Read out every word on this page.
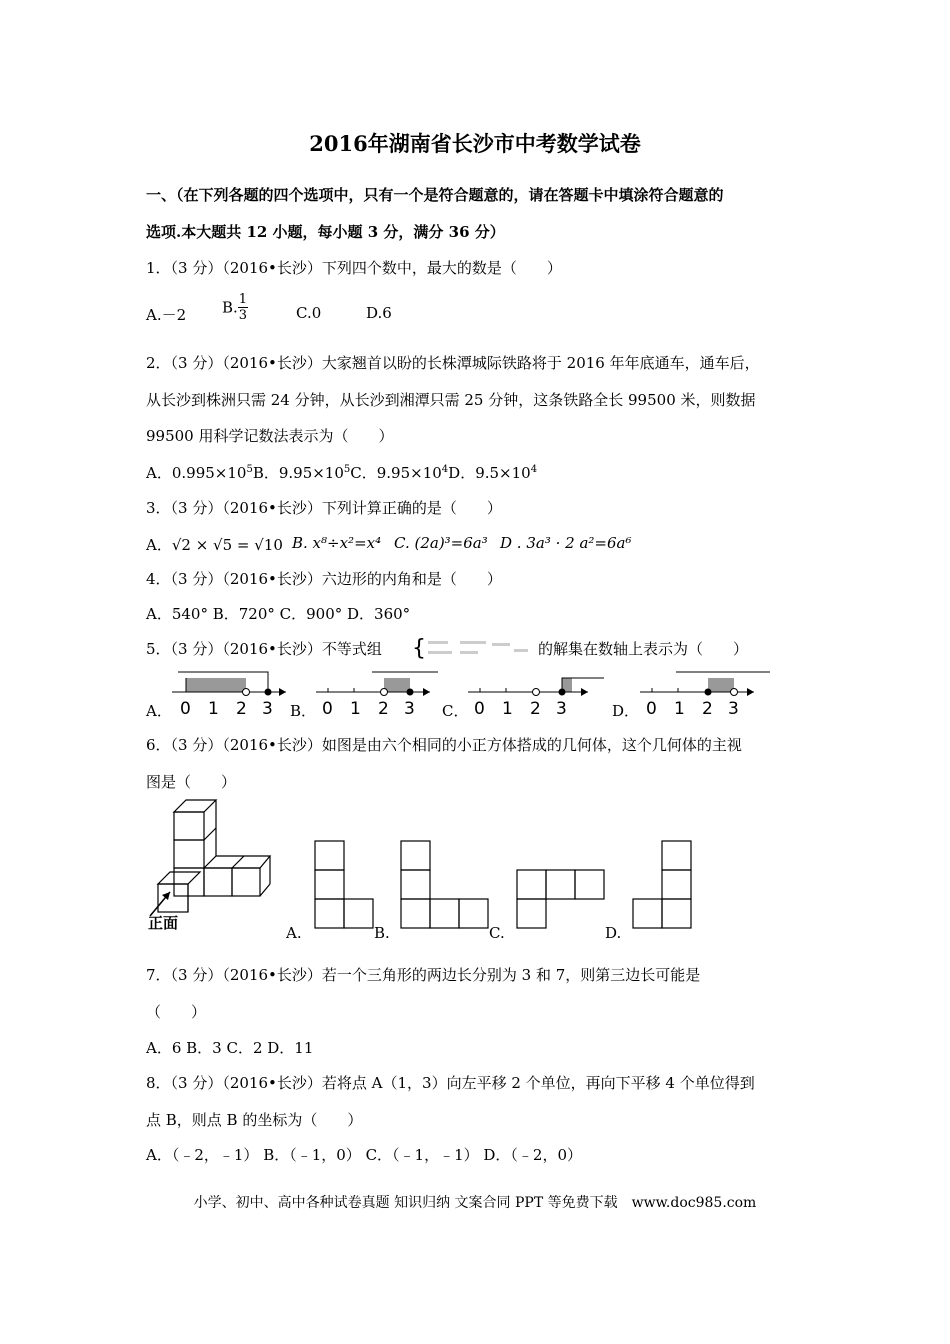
2016年湖南省长沙市中考数学试卷
一、（在下列各题的四个选项中，只有一个是符合题意的，请在答题卡中填涂符合题意的
选项.本大题共 12 小题，每小题 3 分，满分 36 分）
1．（3 分）（2016•长沙）下列四个数中，最大的数是（　　）
A.－2 B. $\frac{1}{3}$	C.0	D.6
2．（3 分）（2016•长沙）大家翘首以盼的长株潭城际铁路将于 2016 年年底通车，通车后，
从长沙到株洲只需 24 分钟，从长沙到湘潭只需 25 分钟，这条铁路全长 99500 米，则数据
99500 用科学记数法表示为（　　）
A．$0.995\times 10^5B$．$9.95\times 10^5C$．$9.95\times 10^4D$．$9.5\times 10^4$
3．（3 分）（2016•长沙）下列计算正确的是（　　）
A．√2 × √5 = √10 B. x⁸÷x²=x⁴ C. (2a)³=6a³ D . 3a³ · 2 a²=6a⁶
4．（3 分）（2016•长沙）六边形的内角和是（　　）
A．540° B．720° C．900° D．360°
5．（3 分）（2016•长沙）不等式组 {	的解集在数轴上表示为（　　）
A．	B．	C．	D．
0 1 2 3	0 1 2 3	0 1 2 3	0 1 2 3
6．（3 分）（2016•长沙）如图是由六个相同的小正方体搭成的几何体，这个几何体的主视
图是（　　）
正面
A.	B.	C.	D.
7．（3 分）（2016•长沙）若一个三角形的两边长分别为 3 和 7，则第三边长可能是
（　　）
A．6 B．3 C．2 D．11
8．（3 分）（2016•长沙）若将点 A（1，3）向左平移 2 个单位，再向下平移 4 个单位得到
点 B，则点 B 的坐标为（　　）
A．（﹣2，﹣1） B．（﹣1，0） C．（﹣1，﹣1） D．（﹣2，0）
小学、初中、高中各种试卷真题 知识归纳 文案合同 PPT 等免费下载　www.doc985.com
